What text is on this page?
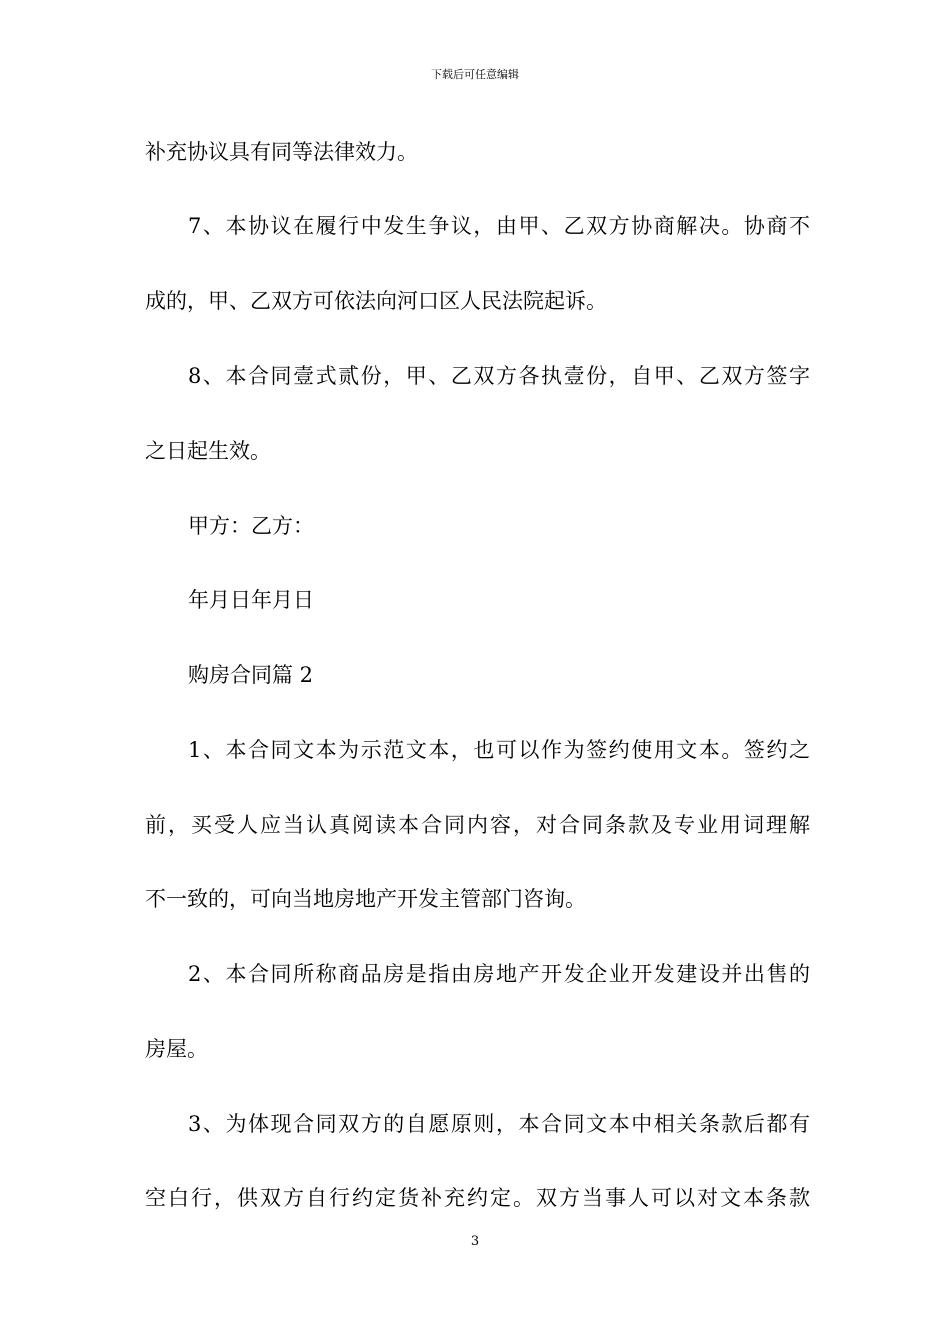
下载后可任意编辑
补充协议具有同等法律效力。
7、本协议在履行中发生争议，由甲、乙双方协商解决。协商不
成的，甲、乙双方可依法向河口区人民法院起诉。
8、本合同壹式贰份，甲、乙双方各执壹份，自甲、乙双方签字
之日起生效。
甲方：乙方：
年月日年月日
购房合同篇 2
1、本合同文本为示范文本，也可以作为签约使用文本。签约之
前，买受人应当认真阅读本合同内容，对合同条款及专业用词理解
不一致的，可向当地房地产开发主管部门咨询。
2、本合同所称商品房是指由房地产开发企业开发建设并出售的
房屋。
3、为体现合同双方的自愿原则，本合同文本中相关条款后都有
空白行，供双方自行约定货补充约定。双方当事人可以对文本条款
3
